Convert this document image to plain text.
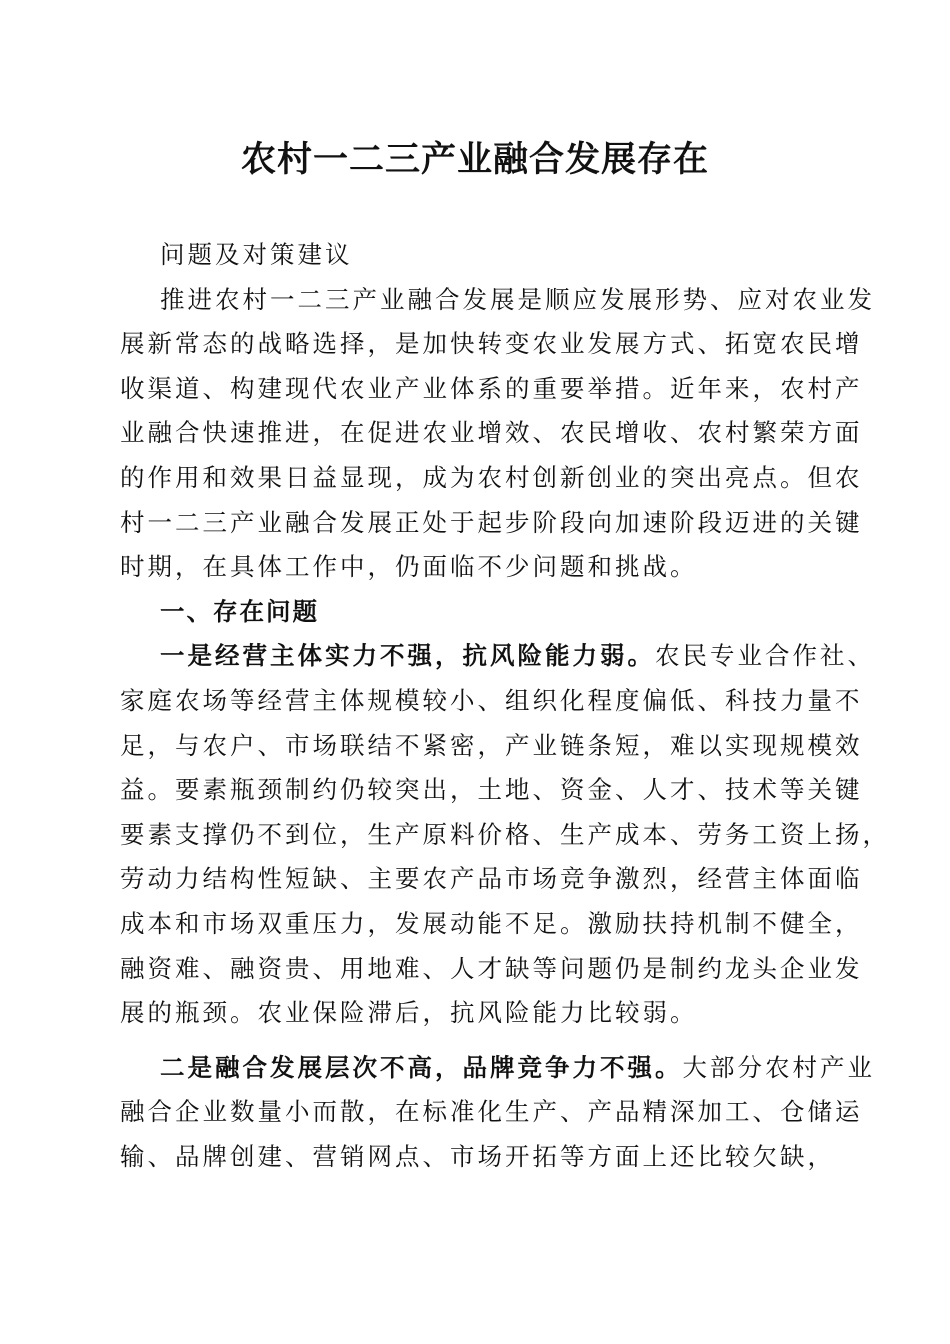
农村一二三产业融合发展存在
问题及对策建议
推进农村一二三产业融合发展是顺应发展形势、应对农业发
展新常态的战略选择，是加快转变农业发展方式、拓宽农民增
收渠道、构建现代农业产业体系的重要举措。近年来，农村产
业融合快速推进，在促进农业增效、农民增收、农村繁荣方面
的作用和效果日益显现，成为农村创新创业的突出亮点。但农
村一二三产业融合发展正处于起步阶段向加速阶段迈进的关键
时期，在具体工作中，仍面临不少问题和挑战。
一、存在问题
一是经营主体实力不强，抗风险能力弱。农民专业合作社、
家庭农场等经营主体规模较小、组织化程度偏低、科技力量不
足，与农户、市场联结不紧密，产业链条短，难以实现规模效
益。要素瓶颈制约仍较突出，土地、资金、人才、技术等关键
要素支撑仍不到位，生产原料价格、生产成本、劳务工资上扬，
劳动力结构性短缺、主要农产品市场竞争激烈，经营主体面临
成本和市场双重压力，发展动能不足。激励扶持机制不健全，
融资难、融资贵、用地难、人才缺等问题仍是制约龙头企业发
展的瓶颈。农业保险滞后，抗风险能力比较弱。
二是融合发展层次不高，品牌竞争力不强。大部分农村产业
融合企业数量小而散，在标准化生产、产品精深加工、仓储运
输、品牌创建、营销网点、市场开拓等方面上还比较欠缺，
